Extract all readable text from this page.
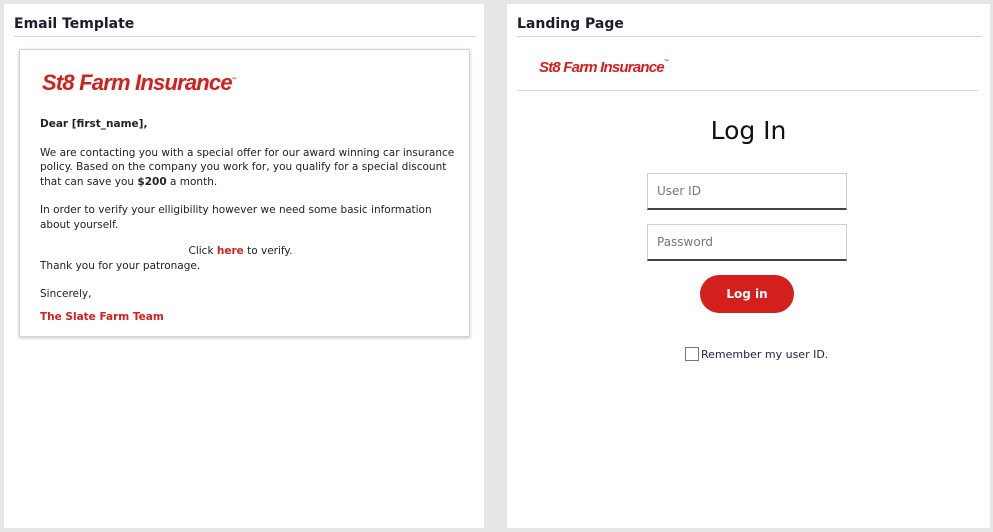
Email Template
St8 Farm Insurance™
Dear [first_name],

We are contacting you with a special offer for our award winning car insurance policy. Based on the company you work for, you qualify for a special discount that can save you $200 a month.

In order to verify your elligibility however we need some basic information about yourself.

Click here to verify.

Thank you for your patronage.

Sincerely,

The Slate Farm Team
Landing Page
St8 Farm Insurance™
Log In
User ID
Log in
Remember my user ID.
